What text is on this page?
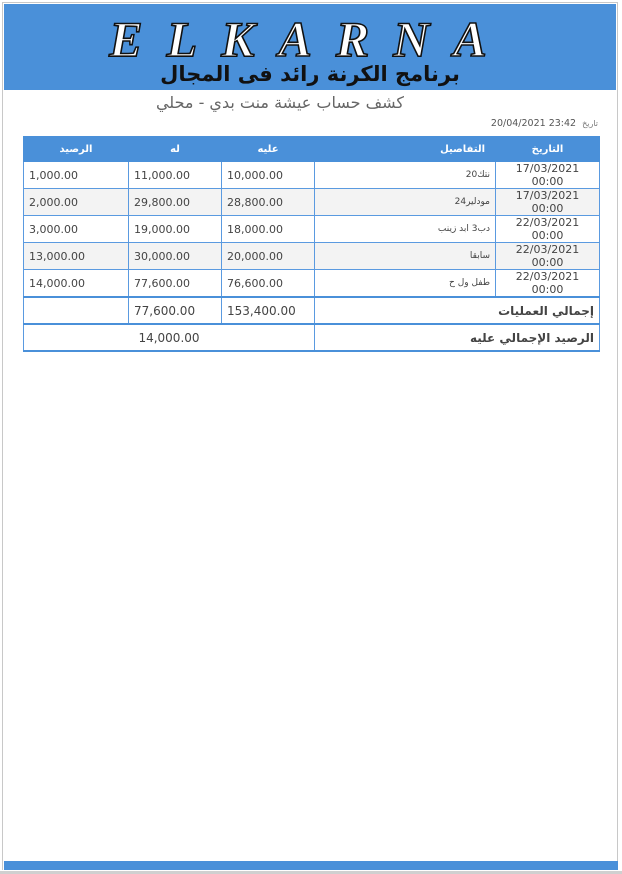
ELKARNA
برنامج الكرنة رائد فى المجال
كشف حساب عيشة منت بدي - محلي
20/04/2021 23:42 تاريخ
التاريخ	التفاصيل	عليه	له	الرصيد
17/03/2021 00:00	نتك20	10,000.00	11,000.00	1,000.00
17/03/2021 00:00	مودلير24	28,800.00	29,800.00	2,000.00
22/03/2021 00:00	دب3 ابد زينب	18,000.00	19,000.00	3,000.00
22/03/2021 00:00	سابقا	20,000.00	30,000.00	13,000.00
22/03/2021 00:00	طفل ول ح	76,600.00	77,600.00	14,000.00
إجمالي العمليات		153,400.00	77,600.00	
الرصيد الإجمالي عليه		14,000.00		
